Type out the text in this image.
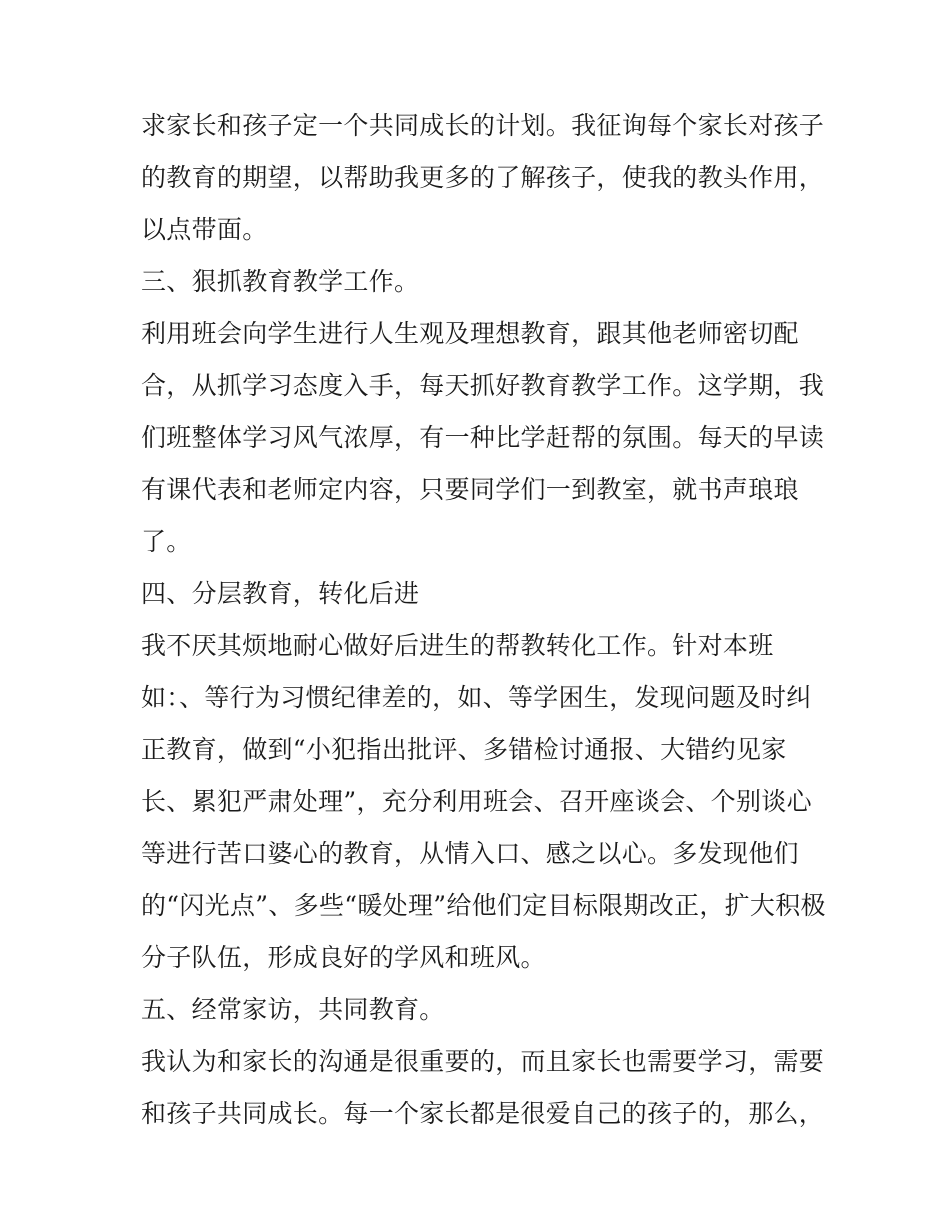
求家长和孩子定一个共同成长的计划。我征询每个家长对孩子
的教育的期望，以帮助我更多的了解孩子，使我的教头作用，
以点带面。
三、狠抓教育教学工作。
利用班会向学生进行人生观及理想教育，跟其他老师密切配
合，从抓学习态度入手，每天抓好教育教学工作。这学期，我
们班整体学习风气浓厚，有一种比学赶帮的氛围。每天的早读
有课代表和老师定内容，只要同学们一到教室，就书声琅琅
了。
四、分层教育，转化后进
我不厌其烦地耐心做好后进生的帮教转化工作。针对本班
如：、等行为习惯纪律差的，如、等学困生，发现问题及时纠
正教育，做到“小犯指出批评、多错检讨通报、大错约见家
长、累犯严肃处理”，充分利用班会、召开座谈会、个别谈心
等进行苦口婆心的教育，从情入口、感之以心。多发现他们
的“闪光点”、多些“暖处理”给他们定目标限期改正，扩大积极
分子队伍，形成良好的学风和班风。
五、经常家访，共同教育。
我认为和家长的沟通是很重要的，而且家长也需要学习，需要
和孩子共同成长。每一个家长都是很爱自己的孩子的，那么，
